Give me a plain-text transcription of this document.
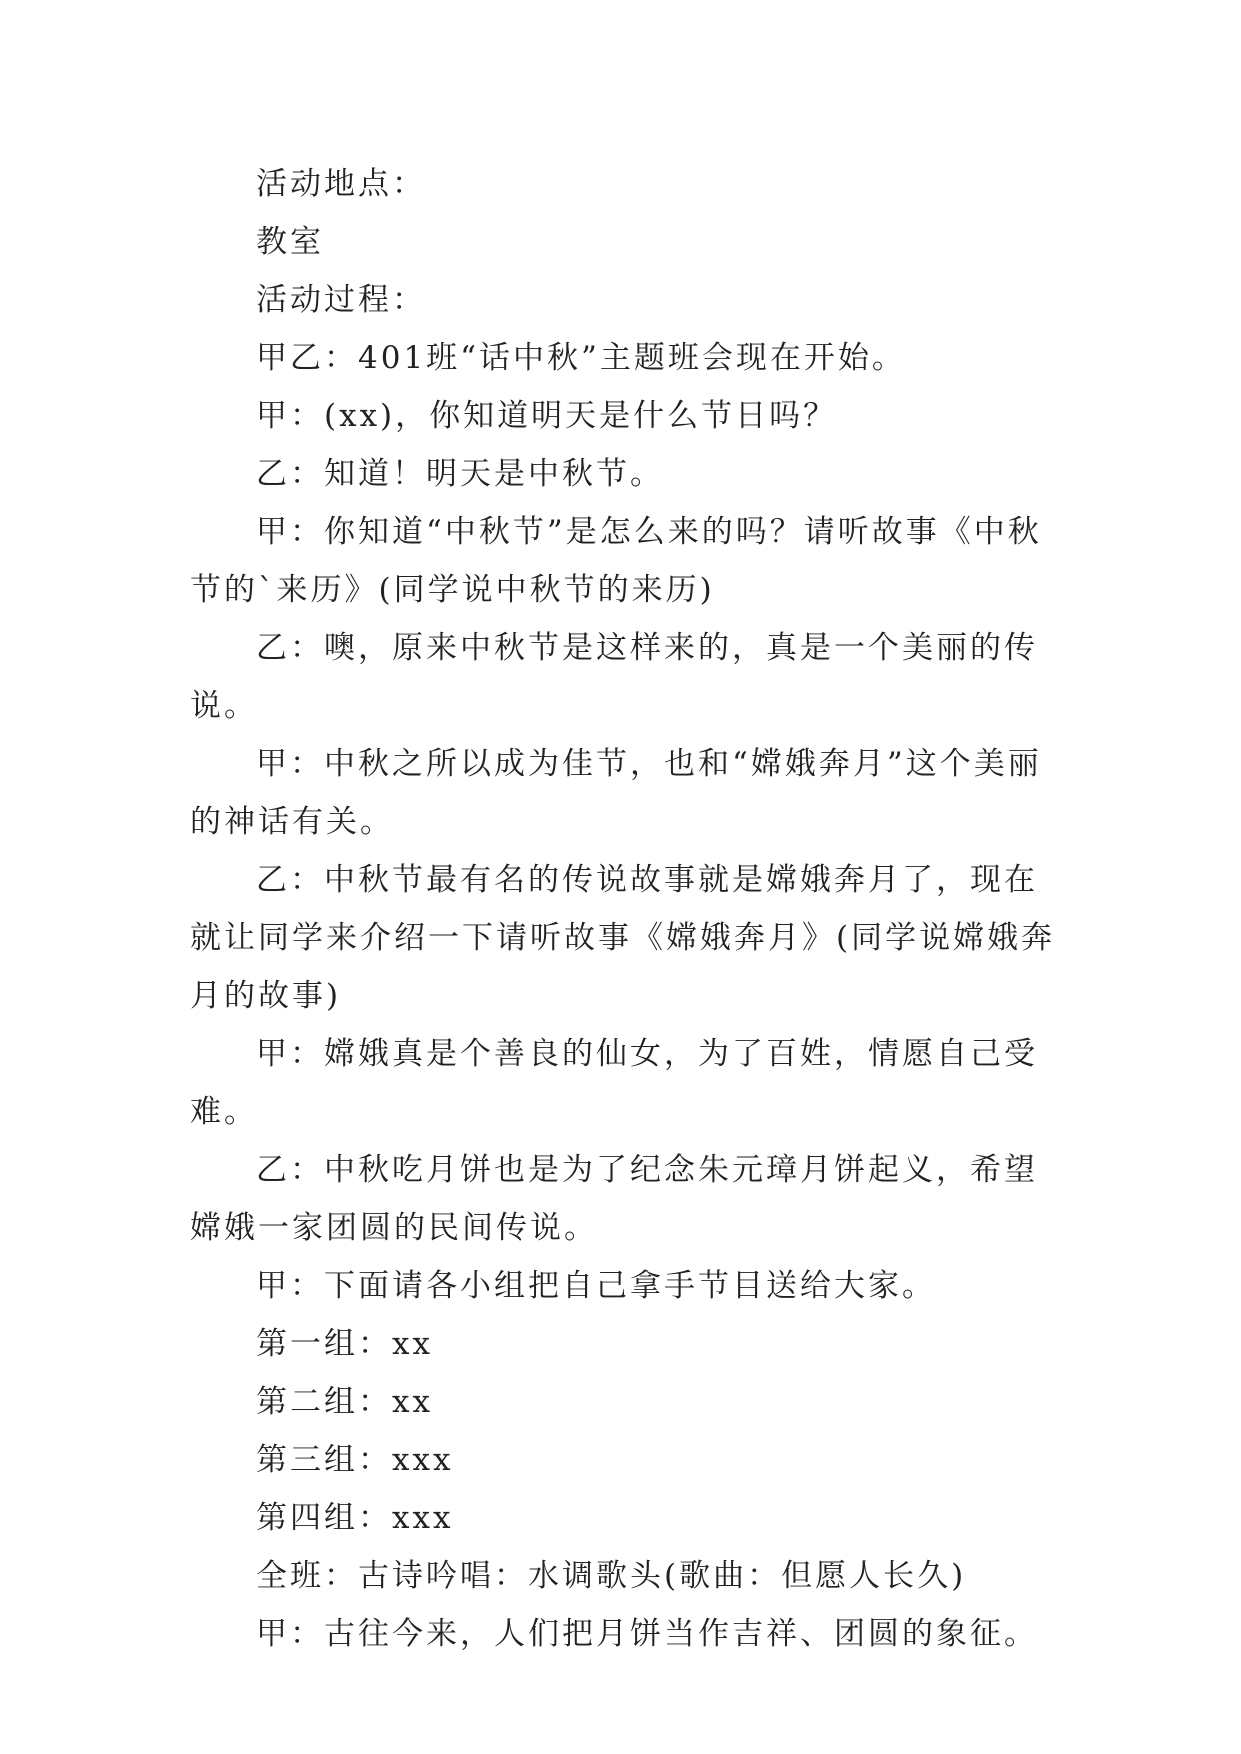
活动地点：

教室

活动过程：

甲乙：401班“话中秋”主题班会现在开始。

甲：(xx)，你知道明天是什么节日吗？

乙：知道！明天是中秋节。

甲：你知道“中秋节”是怎么来的吗？请听故事《中秋节的`来历》(同学说中秋节的来历)

乙：噢，原来中秋节是这样来的，真是一个美丽的传说。

甲：中秋之所以成为佳节，也和“嫦娥奔月”这个美丽的神话有关。

乙：中秋节最有名的传说故事就是嫦娥奔月了，现在就让同学来介绍一下请听故事《嫦娥奔月》(同学说嫦娥奔月的故事)

甲：嫦娥真是个善良的仙女，为了百姓，情愿自己受难。

乙：中秋吃月饼也是为了纪念朱元璋月饼起义，希望嫦娥一家团圆的民间传说。

甲：下面请各小组把自己拿手节目送给大家。

第一组：xx

第二组：xx

第三组：xxx

第四组：xxx

全班：古诗吟唱：水调歌头(歌曲：但愿人长久)

甲：古往今来，人们把月饼当作吉祥、团圆的象征。
